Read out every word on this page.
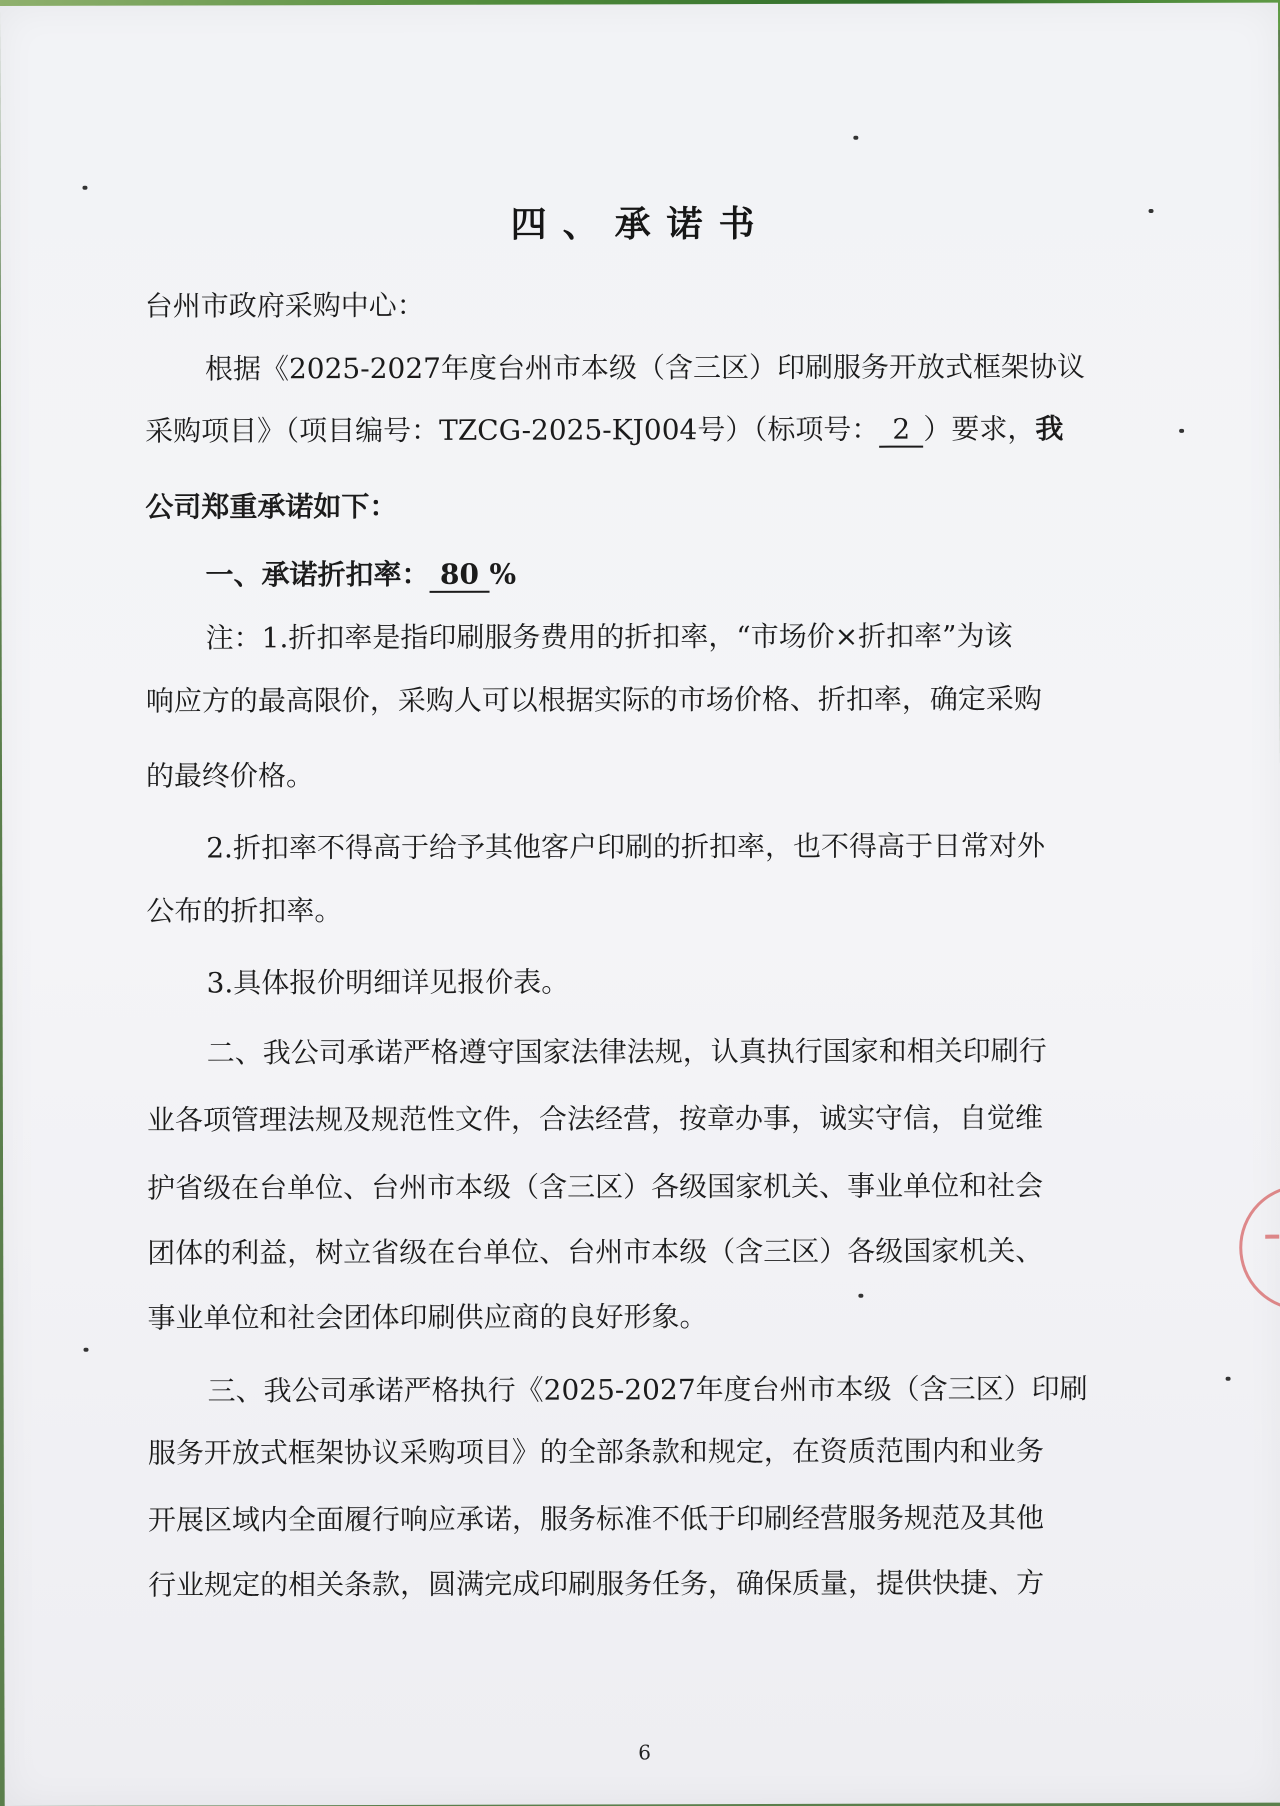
四、承诺书
台州市政府采购中心：
根据《2025-2027年度台州市本级（含三区）印刷服务开放式框架协议
采购项目》（项目编号：TZCG-2025-KJ004号）（标项号： 2 ）要求，我
公司郑重承诺如下：
一、承诺折扣率： 80 %
注：1.折扣率是指印刷服务费用的折扣率，“市场价×折扣率”为该
响应方的最高限价，采购人可以根据实际的市场价格、折扣率，确定采购
的最终价格。
2.折扣率不得高于给予其他客户印刷的折扣率，也不得高于日常对外
公布的折扣率。
3.具体报价明细详见报价表。
二、我公司承诺严格遵守国家法律法规，认真执行国家和相关印刷行
业各项管理法规及规范性文件，合法经营，按章办事，诚实守信，自觉维
护省级在台单位、台州市本级（含三区）各级国家机关、事业单位和社会
团体的利益，树立省级在台单位、台州市本级（含三区）各级国家机关、
事业单位和社会团体印刷供应商的良好形象。
三、我公司承诺严格执行《2025-2027年度台州市本级（含三区）印刷
服务开放式框架协议采购项目》的全部条款和规定，在资质范围内和业务
开展区域内全面履行响应承诺，服务标准不低于印刷经营服务规范及其他
行业规定的相关条款，圆满完成印刷服务任务，确保质量，提供快捷、方
6
